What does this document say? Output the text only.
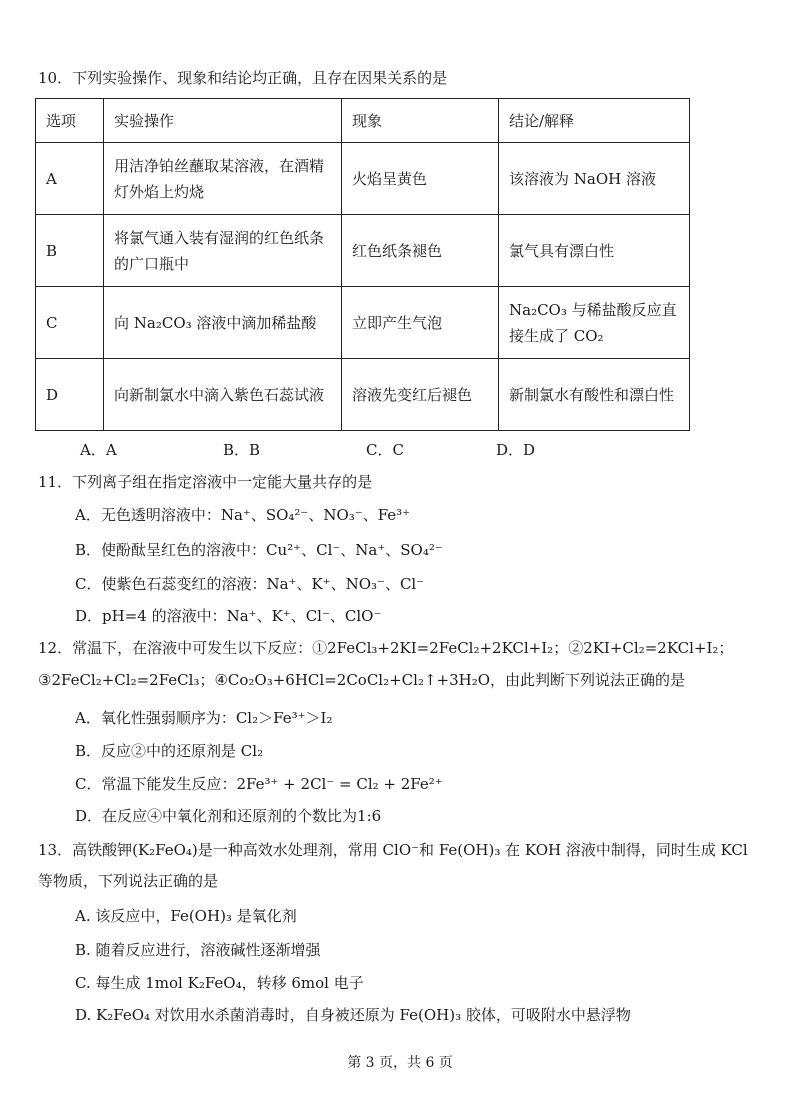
10．下列实验操作、现象和结论均正确，且存在因果关系的是
选项	实验操作	现象	结论/解释
A	用洁净铂丝蘸取某溶液，在酒精灯外焰上灼烧	火焰呈黄色	该溶液为 NaOH 溶液
B	将氯气通入装有湿润的红色纸条的广口瓶中	红色纸条褪色	氯气具有漂白性
C	向 Na₂CO₃ 溶液中滴加稀盐酸	立即产生气泡	Na₂CO₃ 与稀盐酸反应直接生成了 CO₂
D	向新制氯水中滴入紫色石蕊试液	溶液先变红后褪色	新制氯水有酸性和漂白性
A．A	B．B	C．C	D．D
11．下列离子组在指定溶液中一定能大量共存的是
A．无色透明溶液中：Na⁺、SO₄²⁻、NO₃⁻、Fe³⁺
B．使酚酞呈红色的溶液中：Cu²⁺、Cl⁻、Na⁺、SO₄²⁻
C．使紫色石蕊变红的溶液：Na⁺、K⁺、NO₃⁻、Cl⁻
D．pH=4 的溶液中：Na⁺、K⁺、Cl⁻、ClO⁻
12．常温下，在溶液中可发生以下反应：①2FeCl₃+2KI=2FeCl₂+2KCl+I₂；②2KI+Cl₂=2KCl+I₂；
③2FeCl₂+Cl₂=2FeCl₃；④Co₂O₃+6HCl=2CoCl₂+Cl₂↑+3H₂O，由此判断下列说法正确的是
A．氧化性强弱顺序为：Cl₂＞Fe³⁺＞I₂
B．反应②中的还原剂是 Cl₂
C．常温下能发生反应：2Fe³⁺ + 2Cl⁻ = Cl₂ + 2Fe²⁺
D．在反应④中氧化剂和还原剂的个数比为1:6
13．高铁酸钾(K₂FeO₄)是一种高效水处理剂，常用 ClO⁻和 Fe(OH)₃ 在 KOH 溶液中制得，同时生成 KCl
等物质，下列说法正确的是
A. 该反应中，Fe(OH)₃ 是氧化剂
B. 随着反应进行，溶液碱性逐渐增强
C. 每生成 1mol K₂FeO₄，转移 6mol 电子
D. K₂FeO₄ 对饮用水杀菌消毒时，自身被还原为 Fe(OH)₃ 胶体，可吸附水中悬浮物
第 3 页，共 6 页
